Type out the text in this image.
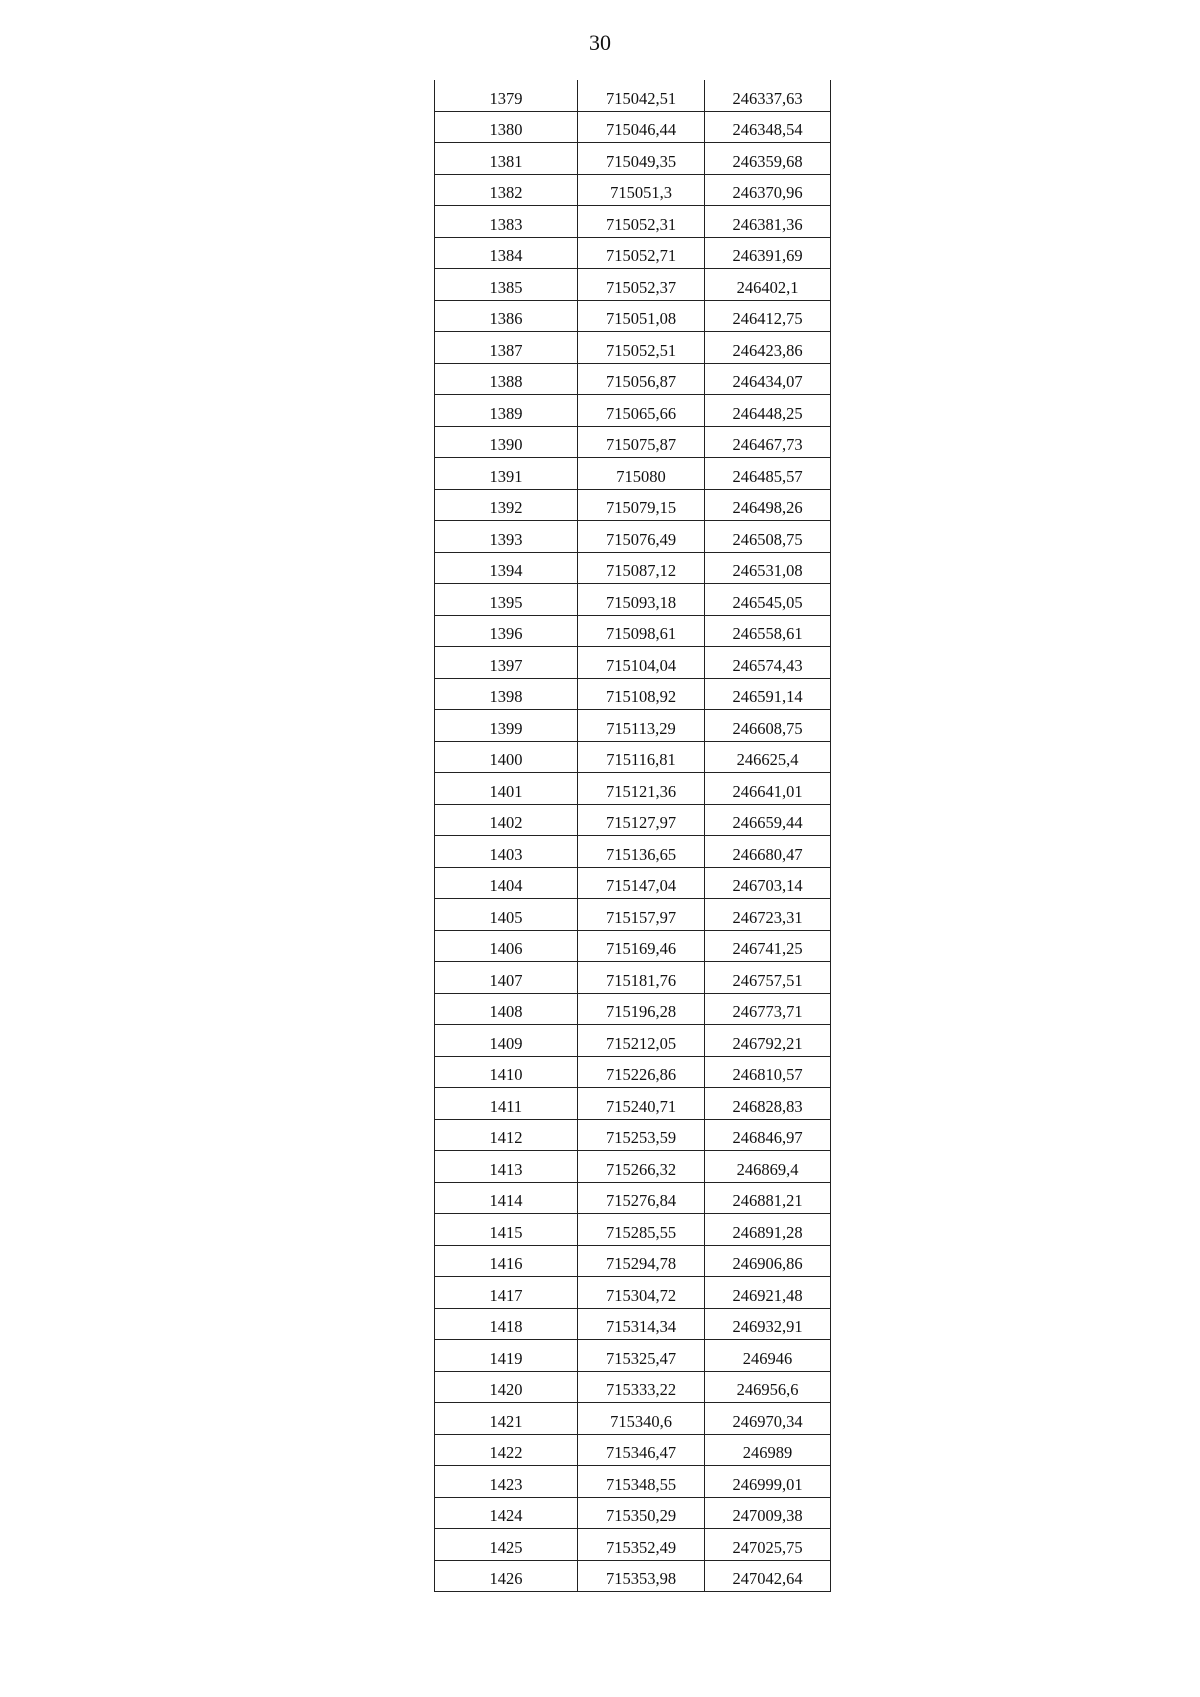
30
1379	715042,51	246337,63
1380	715046,44	246348,54
1381	715049,35	246359,68
1382	715051,3	246370,96
1383	715052,31	246381,36
1384	715052,71	246391,69
1385	715052,37	246402,1
1386	715051,08	246412,75
1387	715052,51	246423,86
1388	715056,87	246434,07
1389	715065,66	246448,25
1390	715075,87	246467,73
1391	715080	246485,57
1392	715079,15	246498,26
1393	715076,49	246508,75
1394	715087,12	246531,08
1395	715093,18	246545,05
1396	715098,61	246558,61
1397	715104,04	246574,43
1398	715108,92	246591,14
1399	715113,29	246608,75
1400	715116,81	246625,4
1401	715121,36	246641,01
1402	715127,97	246659,44
1403	715136,65	246680,47
1404	715147,04	246703,14
1405	715157,97	246723,31
1406	715169,46	246741,25
1407	715181,76	246757,51
1408	715196,28	246773,71
1409	715212,05	246792,21
1410	715226,86	246810,57
1411	715240,71	246828,83
1412	715253,59	246846,97
1413	715266,32	246869,4
1414	715276,84	246881,21
1415	715285,55	246891,28
1416	715294,78	246906,86
1417	715304,72	246921,48
1418	715314,34	246932,91
1419	715325,47	246946
1420	715333,22	246956,6
1421	715340,6	246970,34
1422	715346,47	246989
1423	715348,55	246999,01
1424	715350,29	247009,38
1425	715352,49	247025,75
1426	715353,98	247042,64
